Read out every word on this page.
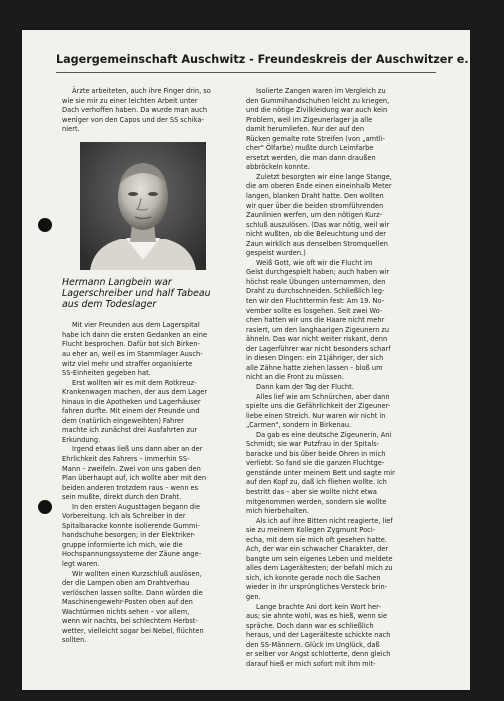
Lagergemeinschaft Auschwitz - Freundeskreis der Auschwitzer e. V. 7

Ärzte arbeiteten, auch ihre Finger drin, so
wie sie mir zu einer leichten Arbeit unter
Dach verhoffen haben. Da wurde man auch
weniger von den Capos und der SS schika-
niert.

Hermann Langbein war
Lagerschreiber und half Tabeau
aus dem Todeslager

Mit vier Freunden aus dem Lagerspital
habe ich dann die ersten Gedanken an eine
Flucht besprochen. Dafür bot sich Birken-
au eher an, weil es im Stammlager Ausch-
witz viel mehr und straffer organisierte
SS-Einheiten gegeben hat.

Erst wollten wir es mit dem Rotkreuz-
Krankenwagen machen, der aus dem Lager
hinaus in die Apotheken und Lagerhäuser
fahren durfte. Mit einem der Freunde und
dem (natürlich eingeweihten) Fahrer
machte ich zunächst drei Ausfahrten zur
Erkundung.

Irgend etwas ließ uns dann aber an der
Ehrlichkeit des Fahrers – immerhin SS-
Mann – zweifeln. Zwei von uns gaben den
Plan überhaupt auf, ich wollte aber mit den
beiden anderen trotzdem raus – wenn es
sein mußte, direkt durch den Draht.

In den ersten Augusttagen begann die
Vorbereitung. Ich als Schreiber in der
Spitalbaracke konnte isolierende Gummi-
handschuhe besorgen; in der Elektriker-
gruppe informierte ich mich, wie die
Hochspannungssysteme der Zäune ange-
legt waren.

Wir wollten einen Kurzschluß auslösen,
der die Lampen oben am Drahtverhau
verlöschen lassen sollte. Dann würden die
Maschinengewehr-Posten oben auf den
Wachtürmen nichts sehen – vor allem,
wenn wir nachts, bei schlechtem Herbst-
wetter, vielleicht sogar bei Nebel, flüchten
sollten.

Isolierte Zangen waren im Vergleich zu
den Gummihandschuhen leicht zu kriegen,
und die nötige Zivilkleidung war auch kein
Problem, weil im Zigeunerlager ja alle
damit herumliefen. Nur der auf den
Rücken gemalte rote Streifen (von „amtli-
cher" Ölfarbe) mußte durch Leimfarbe
ersetzt werden, die man dann draußen
abbröckeln konnte.

Zuletzt besorgten wir eine lange Stange,
die am oberen Ende einen eineinhalb Meter
langen, blanken Draht hatte. Den wollten
wir quer über die beiden stromführenden
Zaunlinien werfen, um den nötigen Kurz-
schluß auszulösen. (Das war nötig, weil wir
nicht wußten, ob die Beleuchtung und der
Zaun wirklich aus denselben Stromquellen
gespeist wurden.)

Weiß Gott, wie oft wir die Flucht im
Geist durchgespielt haben; auch haben wir
höchst reale Übungen unternommen, den
Draht zu durchschneiden. Schließlich leg-
ten wir den Fluchttermin fest: Am 19. No-
vember sollte es losgehen. Seit zwei Wo-
chen hatten wir uns die Haare nicht mehr
rasiert, um den langhaarigen Zigeunern zu
ähneln. Das war nicht weiter riskant, denn
der Lagerführer war nicht besonders scharf
in diesen Dingen: ein 21jähriger, der sich
alle Zähne hatte ziehen lassen – bloß um
nicht an die Front zu müssen.

Dann kam der Tag der Flucht.

Alles lief wie am Schnürchen, aber dann
spielte uns die Gefährlichkeit der Zigeuner-
liebe einen Streich. Nur waren wir nicht in
„Carmen", sondern in Birkenau.

Da gab es eine deutsche Zigeunerin, Ani
Schmidt; sie war Putzfrau in der Spitals-
baracke und bis über beide Ohren in mich
verliebt. So fand sie die ganzen Fluchtge-
genstände unter meinem Bett und sagte mir
auf den Kopf zu, daß ich fliehen wollte. Ich
bestritt das – aber sie wollte nicht etwa
mitgenommen werden, sondern sie wollte
mich hierbehalten.

Als ich auf ihre Bitten nicht reagierte, lief
sie zu meinem Kollegen Zygmunt Poci-
echa, mit dem sie mich oft gesehen hatte.
Ach, der war ein schwacher Charakter, der
bangte um sein eigenes Leben und meldete
alles dem Lagerältesten; der befahl mich zu
sich, ich konnte gerade noch die Sachen
wieder in ihr ursprüngliches Versteck brin-
gen.

Lange brachte Ani dort kein Wort her-
aus; sie ahnte wohl, was es hieß, wenn sie
spräche. Doch dann war es schließlich
heraus, und der Lagerälteste schickte nach
den SS-Männern. Glück im Unglück, daß
er selber vor Angst schlotterte, denn gleich
darauf hieß er mich sofort mit ihm mit-
